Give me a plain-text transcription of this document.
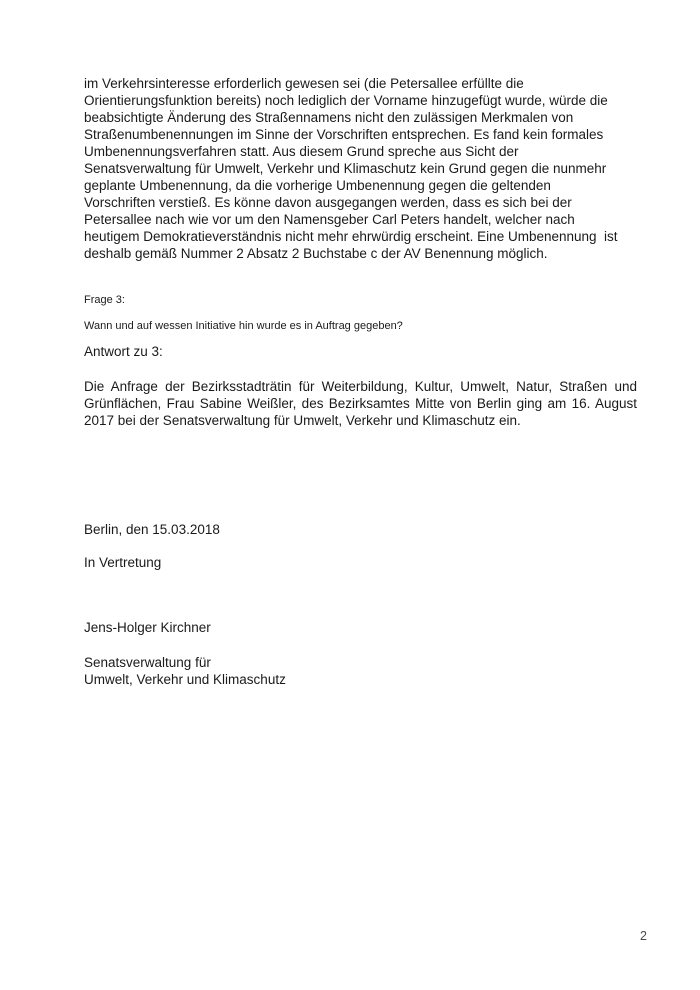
im Verkehrsinteresse erforderlich gewesen sei (die Petersallee erfüllte die
Orientierungsfunktion bereits) noch lediglich der Vorname hinzugefügt wurde, würde die
beabsichtigte Änderung des Straßennamens nicht den zulässigen Merkmalen von
Straßenumbenennungen im Sinne der Vorschriften entsprechen. Es fand kein formales
Umbenennungsverfahren statt. Aus diesem Grund spreche aus Sicht der
Senatsverwaltung für Umwelt, Verkehr und Klimaschutz kein Grund gegen die nunmehr
geplante Umbenennung, da die vorherige Umbenennung gegen die geltenden
Vorschriften verstieß. Es könne davon ausgegangen werden, dass es sich bei der
Petersallee nach wie vor um den Namensgeber Carl Peters handelt, welcher nach
heutigem Demokratieverständnis nicht mehr ehrwürdig erscheint. Eine Umbenennung  ist
deshalb gemäß Nummer 2 Absatz 2 Buchstabe c der AV Benennung möglich.
Frage 3:
Wann und auf wessen Initiative hin wurde es in Auftrag gegeben?
Antwort zu 3:
Die Anfrage der Bezirksstadträtin für Weiterbildung, Kultur, Umwelt, Natur, Straßen und
Grünflächen, Frau Sabine Weißler, des Bezirksamtes Mitte von Berlin ging am 16. August
2017 bei der Senatsverwaltung für Umwelt, Verkehr und Klimaschutz ein.
Berlin, den 15.03.2018
In Vertretung
Jens-Holger Kirchner
Senatsverwaltung für
Umwelt, Verkehr und Klimaschutz
2
